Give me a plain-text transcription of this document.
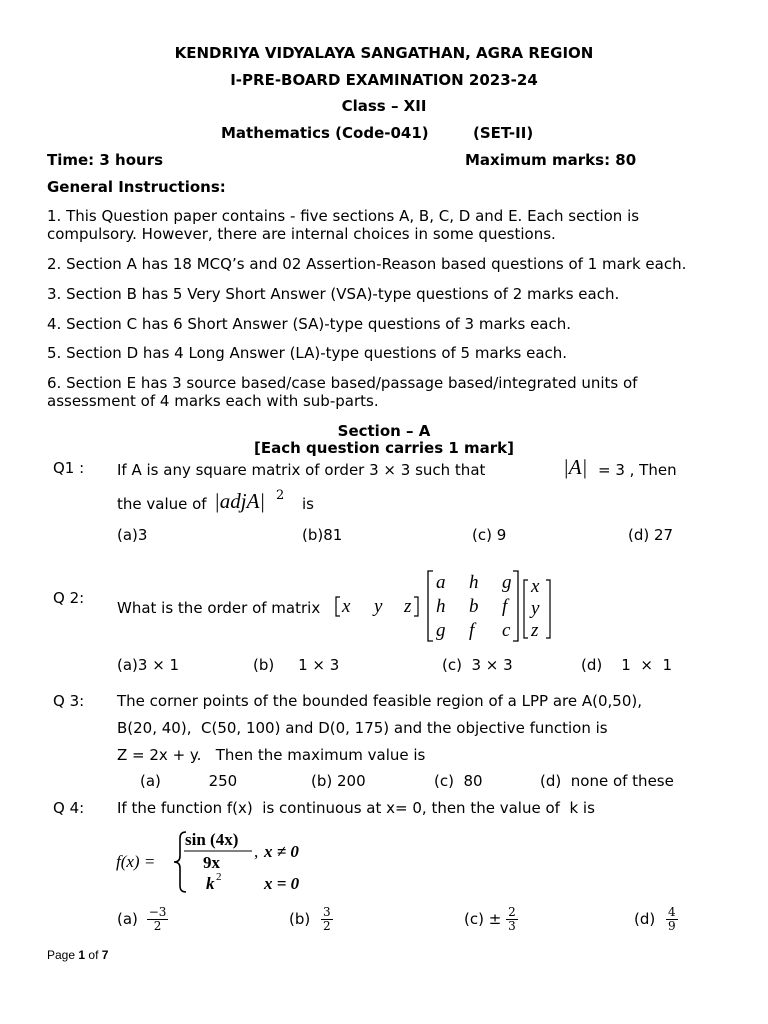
KENDRIYA VIDYALAYA SANGATHAN, AGRA REGION
I-PRE-BOARD EXAMINATION 2023-24
Class – XII
Mathematics (Code-041)	(SET-II)
Time: 3 hours	Maximum marks: 80
General Instructions:
1. This Question paper contains - five sections A, B, C, D and E. Each section is
compulsory. However, there are internal choices in some questions.
2. Section A has 18 MCQ’s and 02 Assertion-Reason based questions of 1 mark each.
3. Section B has 5 Very Short Answer (VSA)-type questions of 2 marks each.
4. Section C has 6 Short Answer (SA)-type questions of 3 marks each.
5. Section D has 4 Long Answer (LA)-type questions of 5 marks each.
6. Section E has 3 source based/case based/passage based/integrated units of
assessment of 4 marks each with sub-parts.
Section – A
[Each question carries 1 mark]
Q1 : If A is any square matrix of order 3 × 3 such that	|A| = 3 , Then
the value of |adjA| 2 is
(a)3	(b)81	(c) 9	(d) 27
Q 2:
What is the order of matrix x y z
a h g
h b f
g f c
x
y
z
(a)3 × 1	(b)     1 × 3	(c)  3 × 3	(d)    1  ×  1
Q 3: The corner points of the bounded feasible region of a LPP are A(0,50),
B(20, 40),  C(50, 100) and D(0, 175) and the objective function is
Z = 2x + y.   Then the maximum value is
(a)          250	(b) 200	(c)  80	(d)  none of these
Q 4: If the function f(x)  is continuous at x= 0, then the value of  k is
f(x) =
sin (4x)
9x
, x ≠ 0
k 2	x = 0
$(a) \frac{-3}{2}$	$(b) \frac{3}{2}$	$(c) \pm \frac{2}{3}$	$(d) \frac{4}{9}$
Page 1 of 7
